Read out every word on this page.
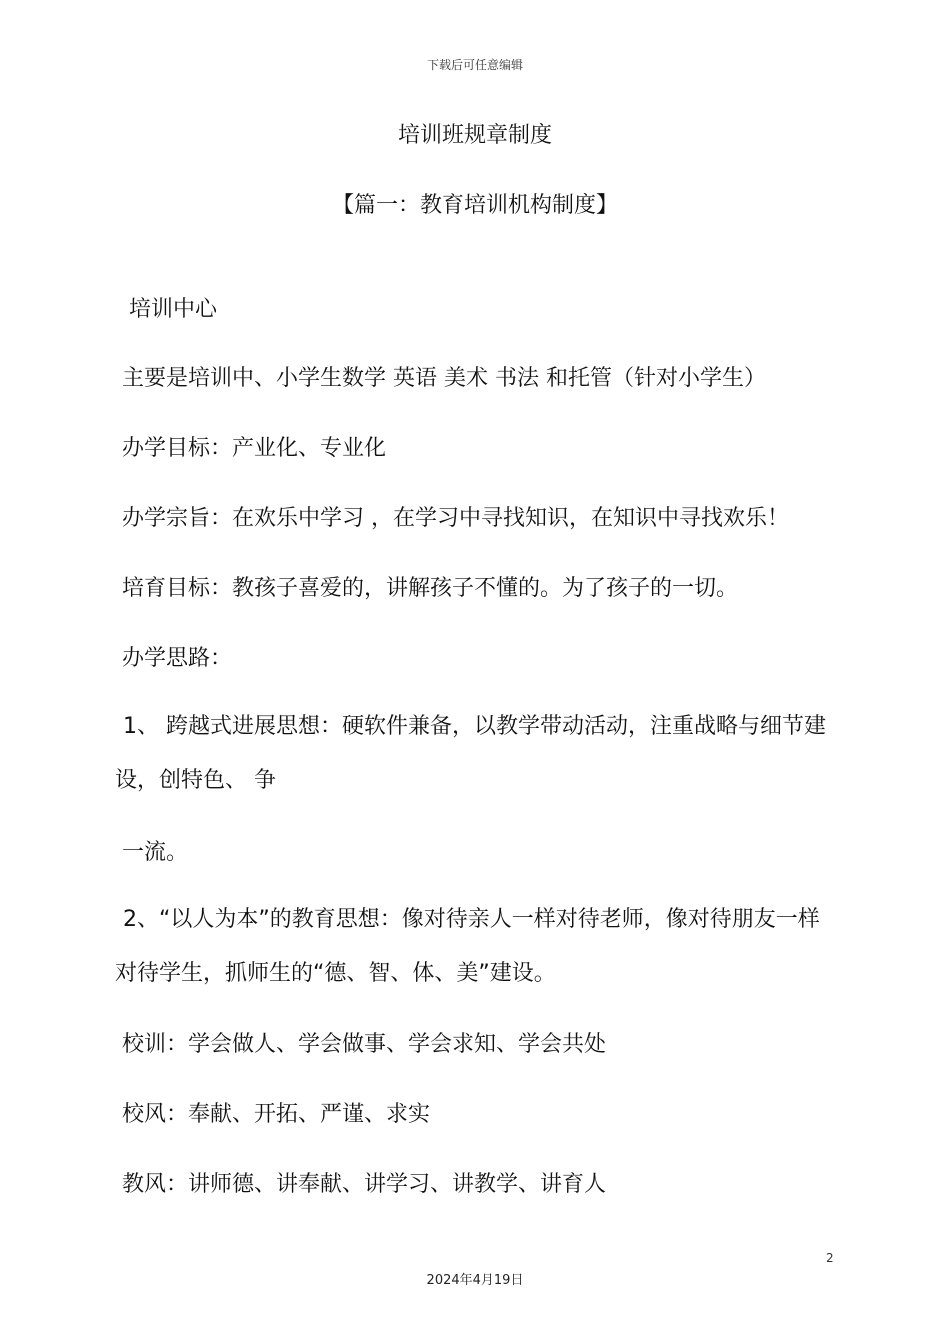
下载后可任意编辑
培训班规章制度
【篇一：教育培训机构制度】
培训中心
主要是培训中、小学生数学 英语 美术 书法 和托管（针对小学生）
办学目标：产业化、专业化
办学宗旨：在欢乐中学习 ，在学习中寻找知识，在知识中寻找欢乐！
培育目标：教孩子喜爱的，讲解孩子不懂的。为了孩子的一切。
办学思路：
1、 跨越式进展思想：硬软件兼备，以教学带动活动，注重战略与细节建设，创特色、 争
一流。
2、“以人为本”的教育思想：像对待亲人一样对待老师，像对待朋友一样对待学生，抓师生的“德、智、体、美”建设。
校训：学会做人、学会做事、学会求知、学会共处
校风：奉献、开拓、严谨、求实
教风：讲师德、讲奉献、讲学习、讲教学、讲育人
2
2024年4月19日
